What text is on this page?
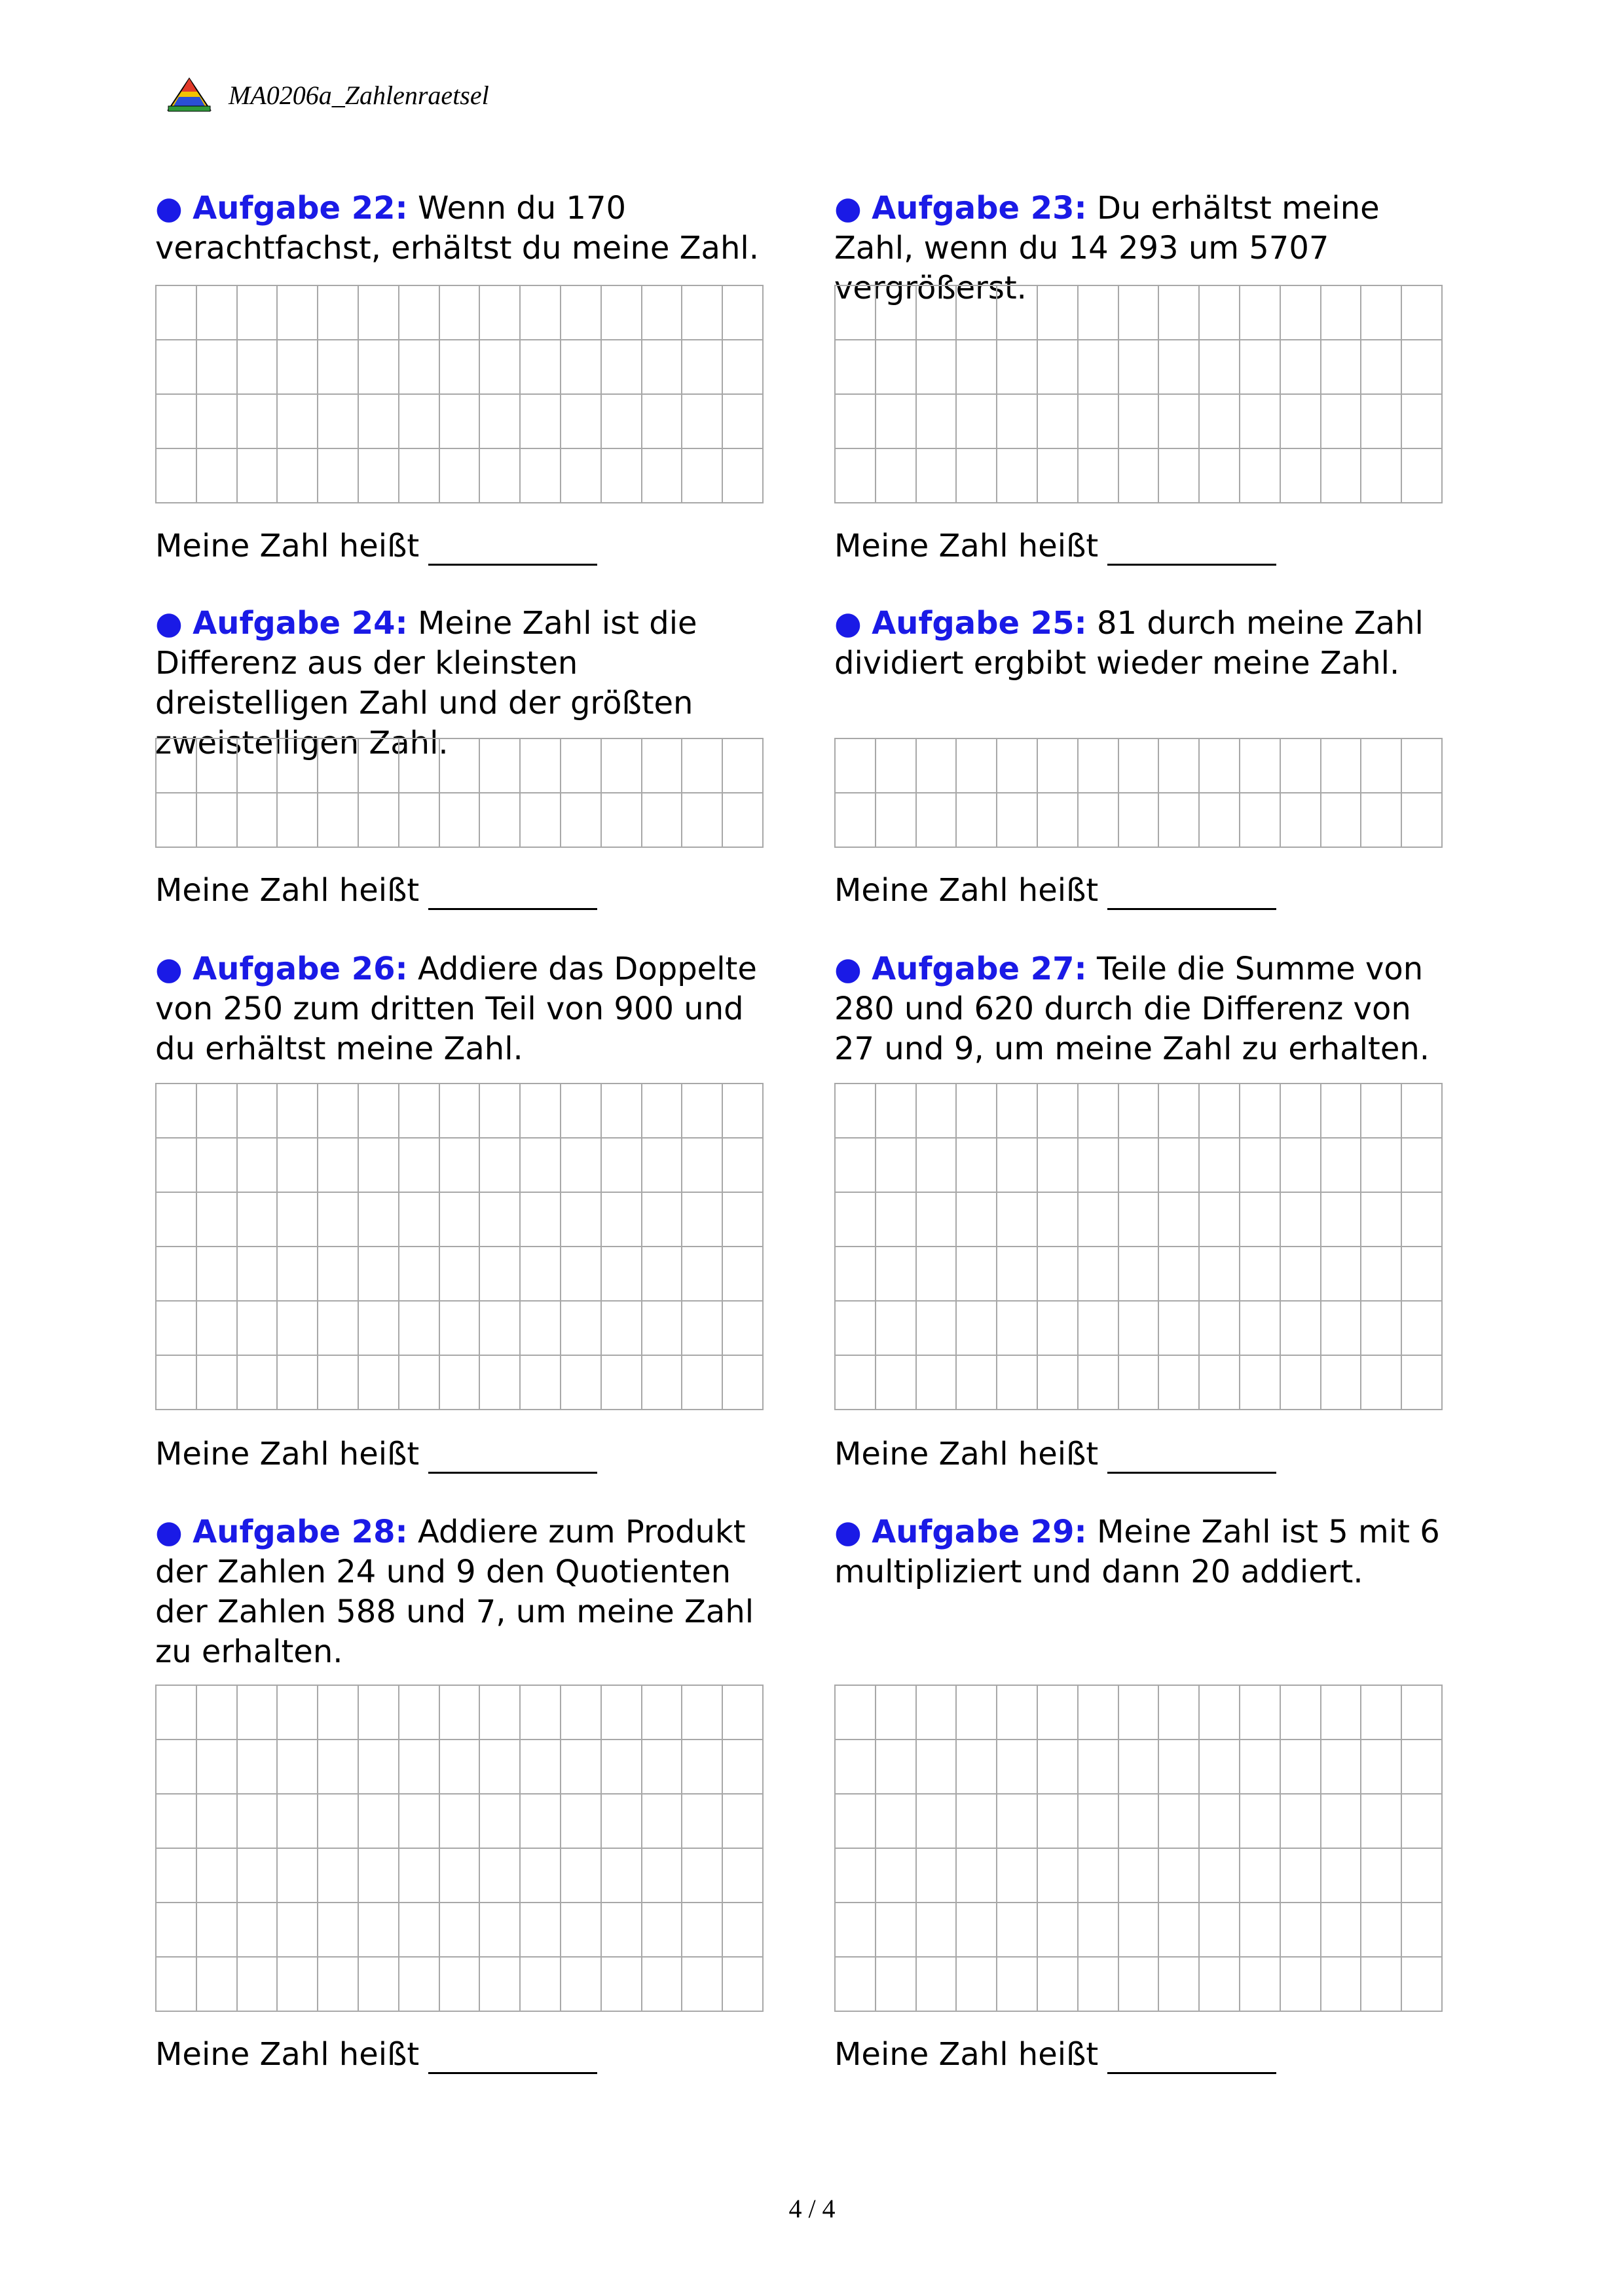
MA0206a_Zahlenraetsel

● Aufgabe 22: Wenn du 170 verachtfachst, erhältst du meine Zahl.

Meine Zahl heißt

● Aufgabe 23: Du erhältst meine Zahl, wenn du 14 293 um 5707 vergrößerst.

Meine Zahl heißt

● Aufgabe 24: Meine Zahl ist die Differenz aus der kleinsten dreistelligen Zahl und der größten zweistelligen Zahl.

Meine Zahl heißt

● Aufgabe 25: 81 durch meine Zahl dividiert ergbibt wieder meine Zahl.

Meine Zahl heißt

● Aufgabe 26: Addiere das Doppelte von 250 zum dritten Teil von 900 und du erhältst meine Zahl.

Meine Zahl heißt

● Aufgabe 27: Teile die Summe von 280 und 620 durch die Differenz von 27 und 9, um meine Zahl zu erhalten.

Meine Zahl heißt

● Aufgabe 28: Addiere zum Produkt der Zahlen 24 und 9 den Quotienten der Zahlen 588 und 7, um meine Zahl zu erhalten.

Meine Zahl heißt

● Aufgabe 29: Meine Zahl ist 5 mit 6 multipliziert und dann 20 addiert.

Meine Zahl heißt
4 / 4
